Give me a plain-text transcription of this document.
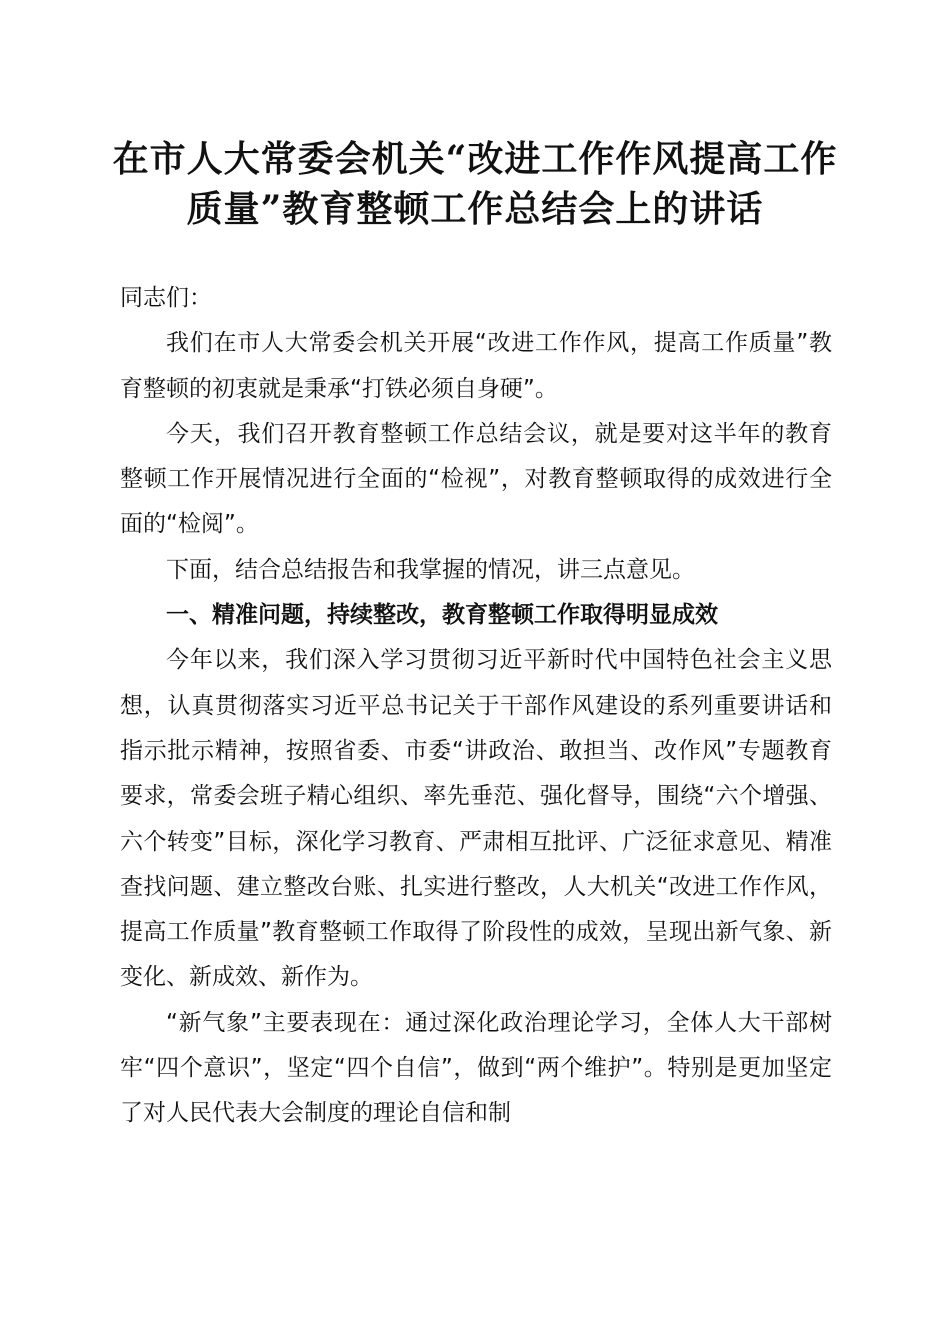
在市人大常委会机关“改进工作作风提高工作
质量”教育整顿工作总结会上的讲话

同志们：

我们在市人大常委会机关开展“改进工作作风，提高工作质量”教育整顿的初衷就是秉承“打铁必须自身硬”。

今天，我们召开教育整顿工作总结会议，就是要对这半年的教育整顿工作开展情况进行全面的“检视”，对教育整顿取得的成效进行全面的“检阅”。

下面，结合总结报告和我掌握的情况，讲三点意见。

一、精准问题，持续整改，教育整顿工作取得明显成效

今年以来，我们深入学习贯彻习近平新时代中国特色社会主义思想，认真贯彻落实习近平总书记关于干部作风建设的系列重要讲话和指示批示精神，按照省委、市委“讲政治、敢担当、改作风”专题教育要求，常委会班子精心组织、率先垂范、强化督导，围绕“六个增强、六个转变”目标，深化学习教育、严肃相互批评、广泛征求意见、精准查找问题、建立整改台账、扎实进行整改，人大机关“改进工作作风，提高工作质量”教育整顿工作取得了阶段性的成效，呈现出新气象、新变化、新成效、新作为。

“新气象”主要表现在：通过深化政治理论学习，全体人大干部树牢“四个意识”，坚定“四个自信”，做到“两个维护”。特别是更加坚定了对人民代表大会制度的理论自信和制
